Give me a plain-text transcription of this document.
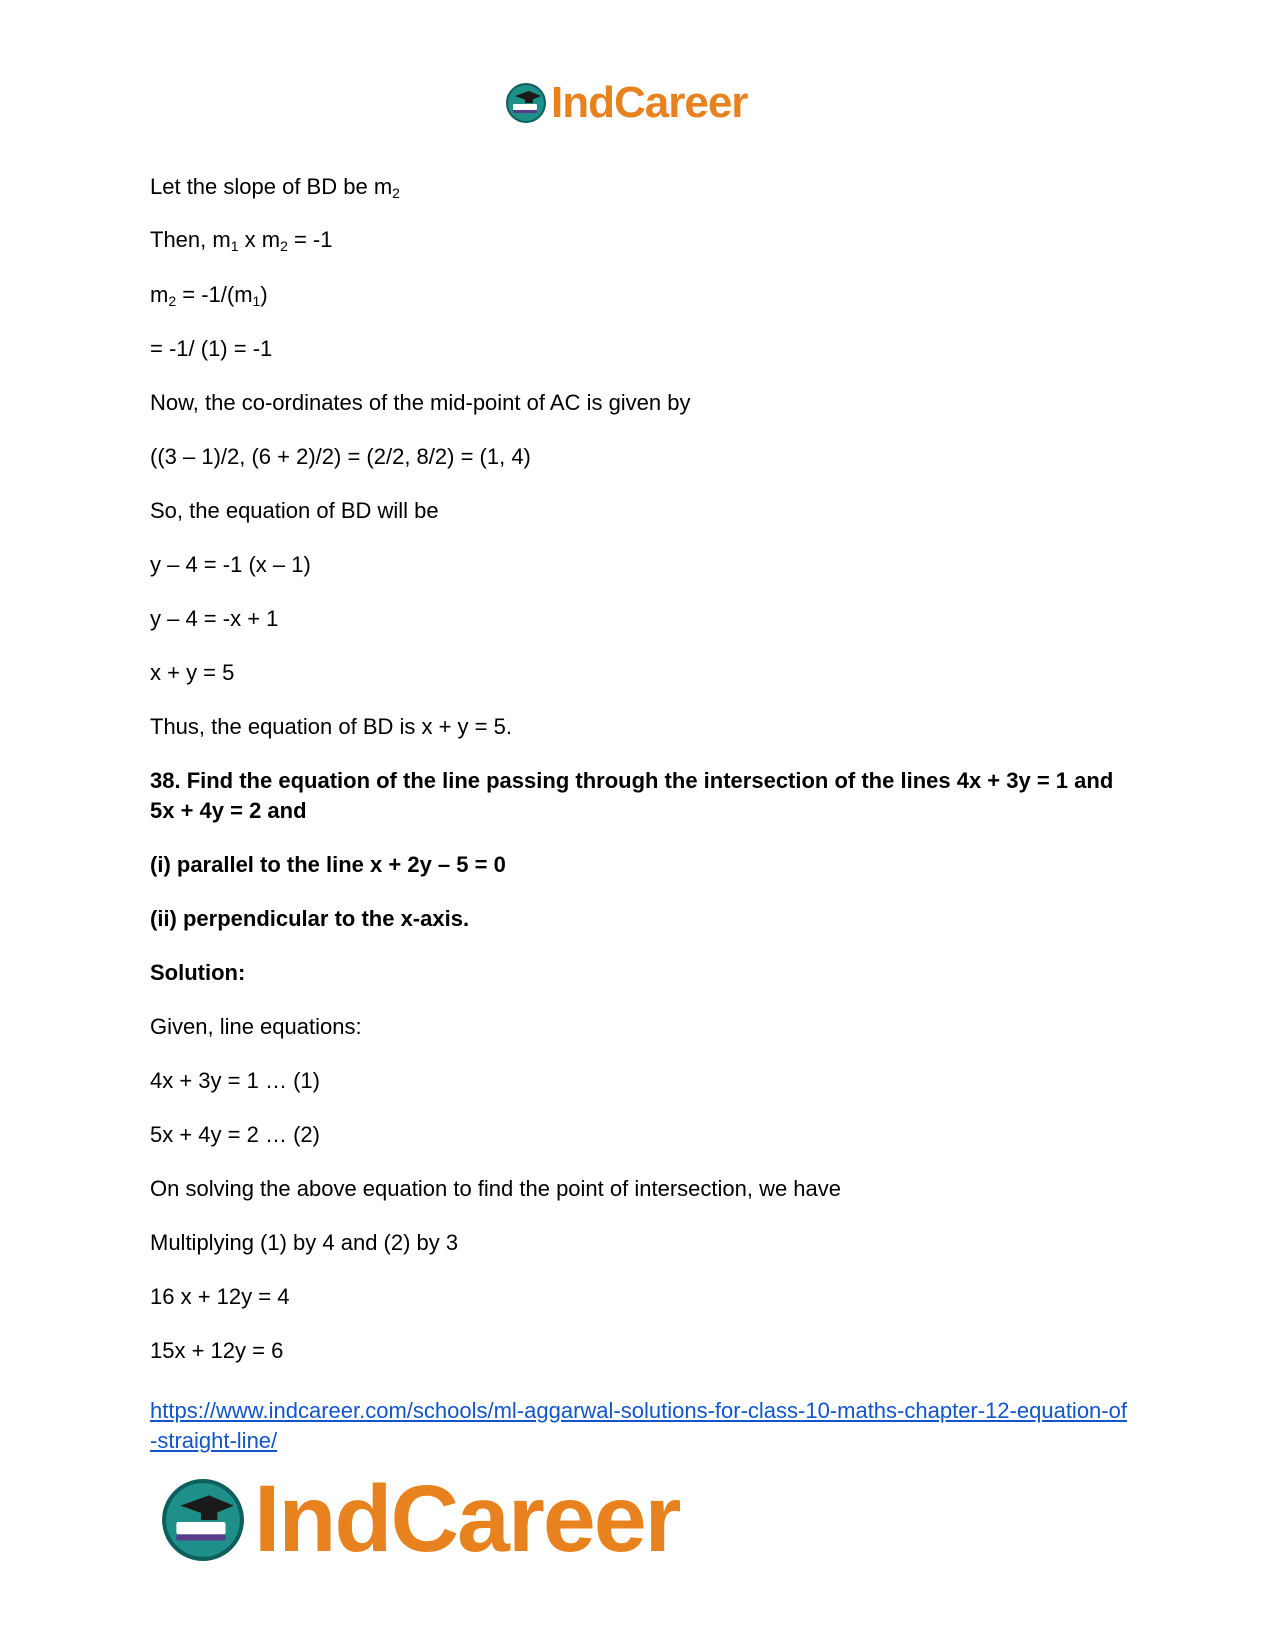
IndCareer
Let the slope of BD be $m_2$
Then, $m_1$ x $m_2 = -1$
$m_2 = -1/(m_1)$
= -1/ (1) = -1
Now, the co-ordinates of the mid-point of AC is given by
((3 – 1)/2, (6 + 2)/2) = (2/2, 8/2) = (1, 4)
So, the equation of BD will be
y – 4 = -1 (x – 1)
y – 4 = -x + 1
x + y = 5
Thus, the equation of BD is x + y = 5.
38. Find the equation of the line passing through the intersection of the lines 4x + 3y = 1 and 5x + 4y = 2 and
(i) parallel to the line x + 2y – 5 = 0
(ii) perpendicular to the x-axis.
Solution:
Given, line equations:
4x + 3y = 1 … (1)
5x + 4y = 2 … (2)
On solving the above equation to find the point of intersection, we have
Multiplying (1) by 4 and (2) by 3
16 x + 12y = 4
15x + 12y = 6
https://www.indcareer.com/schools/ml-aggarwal-solutions-for-class-10-maths-chapter-12-equation-of-straight-line/
IndCareer
